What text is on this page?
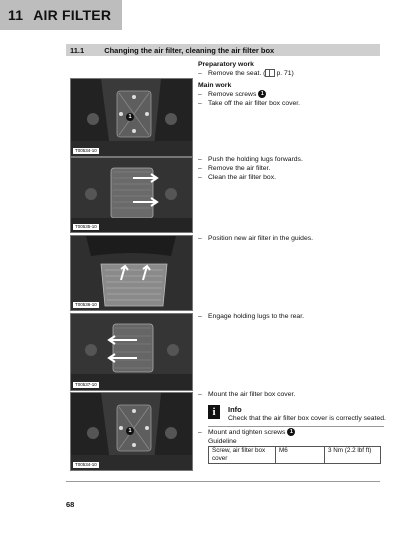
11 AIR FILTER
11.1	Changing the air filter, cleaning the air filter box
1
T00534-10
T00535-10
T00536-10
T00537-10
1
T00534-10
Preparatory work
– Remove the seat. ( p. 71)
Main work
– Remove screws 1
– Take off the air filter box cover.
– Push the holding lugs forwards.
– Remove the air filter.
– Clean the air filter box.
– Position new air filter in the guides.
– Engage holding lugs to the rear.
– Mount the air filter box cover.
i	Info
Check that the air filter box cover is correctly seated.
– Mount and tighten screws 1
Guideline
Screw, air filter box cover	M6	3 Nm (2.2 lbf ft)
68
